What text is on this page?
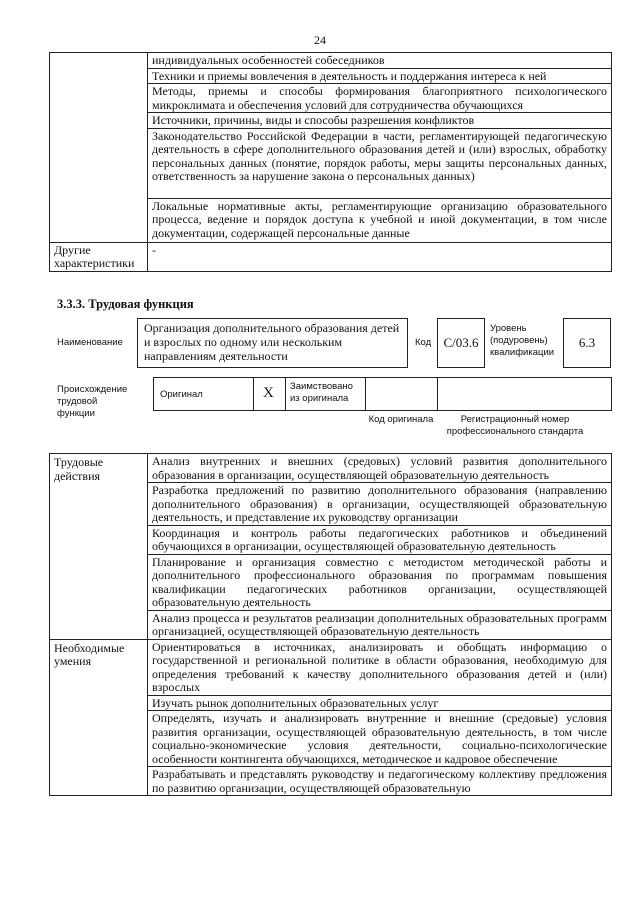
24
	индивидуальных особенностей собеседников
	Техники и приемы вовлечения в деятельность и поддержания интереса к ней
	Методы, приемы и способы формирования благоприятного психологического микроклимата и обеспечения условий для сотрудничества обучающихся
	Источники, причины, виды и способы разрешения конфликтов
	Законодательство Российской Федерации в части, регламентирующей педагогическую деятельность в сфере дополнительного образования детей и (или) взрослых, обработку персональных данных (понятие, порядок работы, меры защиты персональных данных, ответственность за нарушение закона о персональных данных)
	Локальные нормативные акты, регламентирующие организацию образовательного процесса, ведение и порядок доступа к учебной и иной документации, в том числе документации, содержащей персональные данные
Другие характеристики	-
3.3.3. Трудовая функция
Наименование
Организация дополнительного образования детей и взрослых по одному или нескольким направлениям деятельности
Код С/03.6
Уровень (подуровень) квалификации
6.3
Происхождение трудовой функции
Оригинал	X Заимствовано из оригинала
Код оригинала	Регистрационный номер профессионального стандарта
Трудовые действия	Анализ внутренних и внешних (средовых) условий развития дополнительного образования в организации, осуществляющей образовательную деятельность
	Разработка предложений по развитию дополнительного образования (направлению дополнительного образования) в организации, осуществляющей образовательную деятельность, и представление их руководству организации
	Координация и контроль работы педагогических работников и объединений обучающихся в организации, осуществляющей образовательную деятельность
	Планирование и организация совместно с методистом методической работы и дополнительного профессионального образования по программам повышения квалификации педагогических работников организации, осуществляющей образовательную деятельность
	Анализ процесса и результатов реализации дополнительных образовательных программ организацией, осуществляющей образовательную деятельность
Необходимые умения	Ориентироваться в источниках, анализировать и обобщать информацию о государственной и региональной политике в области образования, необходимую для определения требований к качеству дополнительного образования детей и (или) взрослых
	Изучать рынок дополнительных образовательных услуг
	Определять, изучать и анализировать внутренние и внешние (средовые) условия развития организации, осуществляющей образовательную деятельность, в том числе социально-экономические условия деятельности, социально-психологические особенности контингента обучающихся, методическое и кадровое обеспечение
	Разрабатывать и представлять руководству и педагогическому коллективу предложения по развитию организации, осуществляющей образовательную
